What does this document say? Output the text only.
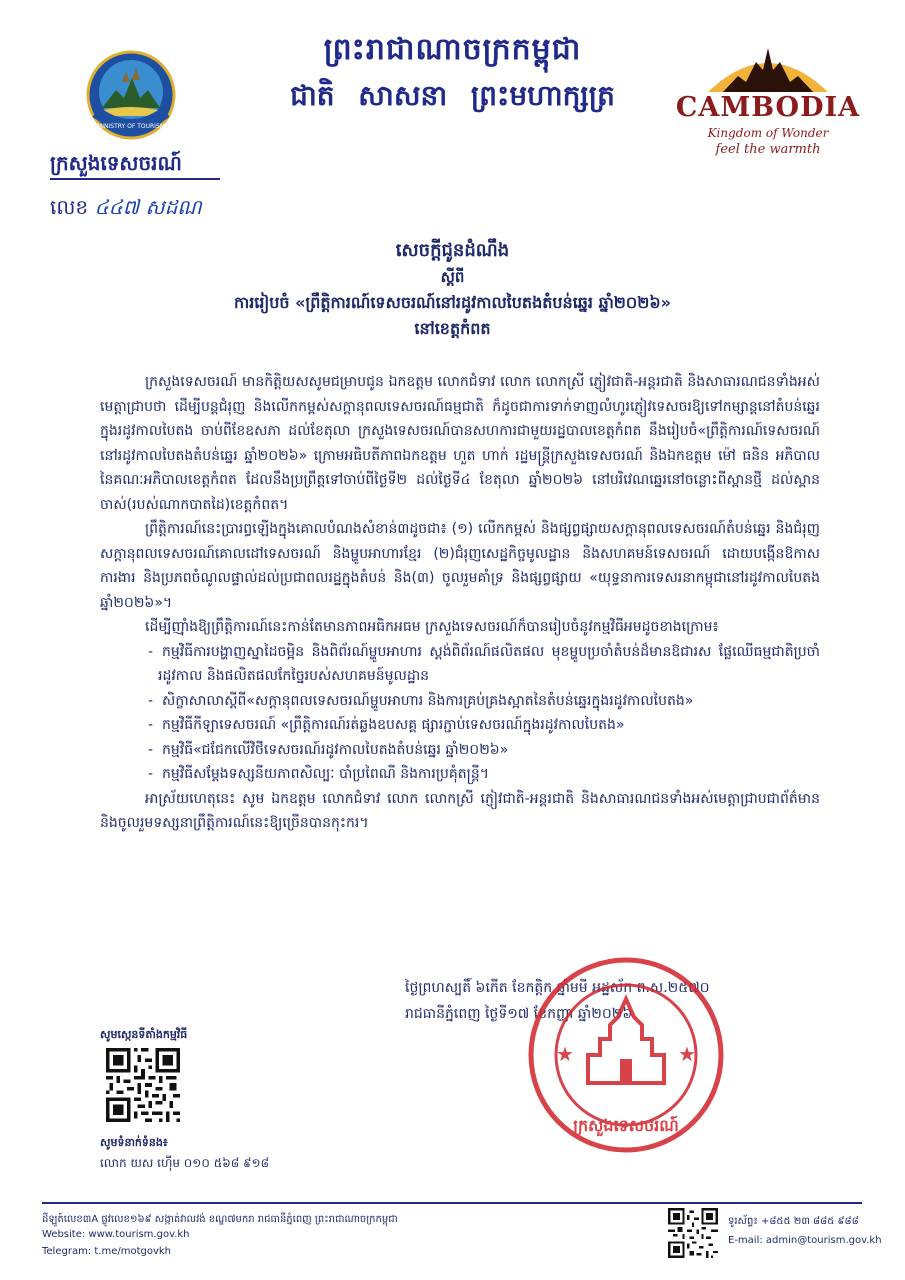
ព្រះរាជាណាចក្រកម្ពុជា
ជាតិ សាសនា ព្រះមហាក្សត្រ
MINISTRY OF TOURISM
CAMBODIA
Kingdom of Wonder
feel the warmth
ក្រសួងទេសចរណ៍
លេខ ៤៤៧ សដណ
សេចក្តីជូនដំណឹង
ស្តីពី
ការរៀបចំ «ព្រឹត្តិការណ៍ទេសចរណ៍នៅរដូវកាលបៃតងតំបន់ឆ្នេរ ឆ្នាំ២០២៦»
នៅខេត្តកំពត

ក្រសួងទេសចរណ៍ មានកិត្តិយសសូមជម្រាបជូន ឯកឧត្តម លោកជំទាវ លោក លោកស្រី ភ្ញៀវជាតិ-អន្តរជាតិ និងសាធារណជនទាំងអស់មេត្តាជ្រាបថា ដើម្បីបន្តជំរុញ និងលើកកម្ពស់សក្តានុពលទេសចរណ៍ធម្មជាតិ ក៏ដូចជាការទាក់ទាញលំហូរភ្ញៀវទេសចរឱ្យទៅកម្សាន្តនៅតំបន់ឆ្នេរក្នុងរដូវកាលបៃតង ចាប់ពីខែឧសភា ដល់ខែតុលា ក្រសួងទេសចរណ៍បានសហការជាមួយរដ្ឋបាលខេត្តកំពត នឹងរៀបចំ«ព្រឹត្តិការណ៍ទេសចរណ៍នៅរដូវកាលបៃតងតំបន់ឆ្នេរ ឆ្នាំ២០២៦» ក្រោមអធិបតីភាពឯកឧត្តម ហួត ហាក់ រដ្ឋមន្ត្រីក្រសួងទេសចរណ៍ និងឯកឧត្តម ម៉ៅ ធនិន អភិបាលនៃគណៈអភិបាលខេត្តកំពត ដែលនឹងប្រព្រឹត្តទៅចាប់ពីថ្ងៃទី២ ដល់ថ្ងៃទី៤ ខែតុលា ឆ្នាំ២០២៦ នៅបរិវេណឆ្នេរនៅចន្លោះពីស្ពានថ្មី ដល់ស្ពានចាស់(របស់ណាកបាតដៃ)ខេត្តកំពត។

ព្រឹត្តិការណ៍នេះប្រារព្ធឡើងក្នុងគោលបំណងសំខាន់៣ដូចជា៖ (១) លើកកម្ពស់ និងផ្សព្វផ្សាយសក្តានុពលទេសចរណ៍តំបន់ឆ្នេរ និងជំរុញសក្តានុពលទេសចរណ៍គោលដៅទេសចរណ៍ និងម្ហូបអាហារខ្មែរ (២)ជំរុញសេដ្ឋកិច្ចមូលដ្ឋាន និងសហគមន៍ទេសចរណ៍ ដោយបង្កើនឱកាសការងារ និងប្រភពចំណូលផ្ទាល់ដល់ប្រជាពលរដ្ឋក្នុងតំបន់ និង(៣) ចូលរួមគាំទ្រ និងផ្សព្វផ្សាយ «យុទ្ធនាការទេសរនាកម្ពុជានៅរដូវកាលបៃតងឆ្នាំ២០២៦»។

ដើម្បីញ៉ាំងឱ្យព្រឹត្តិការណ៍នេះកាន់តែមានភាពអធិកអធម ក្រសួងទេសចរណ៍ក៏បានរៀបចំនូវកម្មវិធីអមដូចខាងក្រោម៖

- កម្មវិធីការបង្ហាញស្នាដៃចម្អិន និងពិព័រណ៍ម្ហូបអាហារ ស្តង់ពិព័រណ៍ផលិតផល មុខម្ហូបប្រចាំតំបន់ដ៏មានឱជារស ផ្លែឈើធម្មជាតិប្រចាំរដូវកាល និងផលិតផលកែច្នៃរបស់សហគមន៍មូលដ្ឋាន
- សិក្ខាសាលាស្តីពី«សក្តានុពលទេសចរណ៍ម្ហូបអាហារ និងការគ្រប់គ្រងស្អាតនៃតំបន់ឆ្នេរក្នុងរដូវកាលបៃតង»
- កម្មវិធីកីឡាទេសចរណ៍ «ព្រឹត្តិការណ៍រត់ឆ្លងឧបសគ្គ ផ្សារភ្ជាប់ទេសចរណ៍ក្នុងរដូវកាលបៃតង»
- កម្មវិធី«ជជែកលើវិថីទេសចរណ៍រដូវកាលបៃតងតំបន់ឆ្នេរ ឆ្នាំ២០២៦»
- កម្មវិធីសម្តែងទស្សនីយភាពសិល្បៈ បាំប្រពៃណី និងការប្រគុំតន្ត្រី។

អាស្រ័យហេតុនេះ សូម ឯកឧត្តម លោកជំទាវ លោក លោកស្រី ភ្ញៀវជាតិ-អន្តរជាតិ និងសាធារណជនទាំងអស់មេត្តាជ្រាបជាព័ត៌មាន និងចូលរួមទស្សនាព្រឹត្តិការណ៍នេះឱ្យច្រើនបានកុះករ។

ថ្ងៃព្រហស្បតិ៍ ៦កើត ខែកត្តិក ឆ្នាំមមី អដ្ឋស័ក ព.ស.២៥៧០
រាជធានីភ្នំពេញ ថ្ងៃទី១៧ ខែកញ្ញា ឆ្នាំ២០២៦
ក្រសួងទេសចរណ៍
★	★
សូមស្កេនទីតាំងកម្មវិធី
សូមទំនាក់ទំនង៖
លោក យស ហ៊ើម ០១០ ៥៦៨ ៩១៨
ដីឡូត៍លេខ៣A ផ្លូវលេខ១៦៩ សង្កាត់វាលវង់ ខណ្ឌ៧មករា រាជធានីភ្នំពេញ ព្រះរាជាណាចក្រកម្ពុជា
Website: www.tourism.gov.kh
Telegram: t.me/motgovkh
ទូរស័ព្ទ៖ +៨៥៥ ២៣ ៨៨៥ ៩៨៨
E-mail: admin@tourism.gov.kh
